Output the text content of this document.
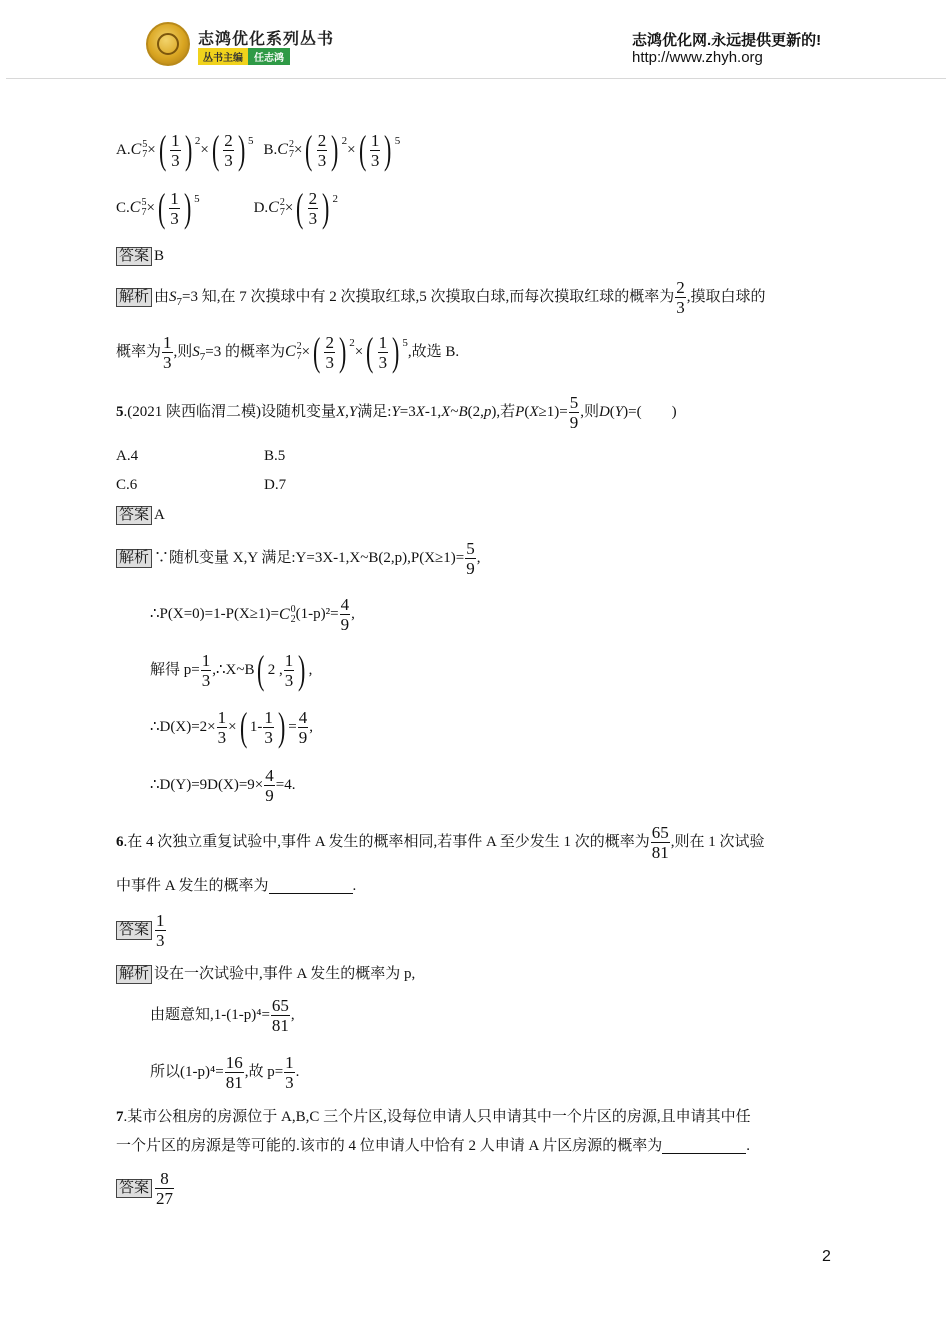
志鸿优化系列丛书
丛书主编 任志鸿
志鸿优化网.永远提供更新的!
http://www.zhyh.org
A. C 5
7 × ( $\frac{1}{3}$ ) 2
× ( $\frac{2}{3}$ ) 5
B. C 2
7 × ( $\frac{2}{3}$ ) 2
× ( $\frac{1}{3}$ ) 5
C. C 5
7 × ( $\frac{1}{3}$ ) 5
D. C 2
7 × ( $\frac{2}{3}$ ) 2
答案 B
解析 由 S 7 =3 知,在 7 次摸球中有 2 次摸取红球,5 次摸取白球,而每次摸取红球的概率为 $\frac{2}{3}$ ,摸取白球的
概率为 $\frac{1}{3}$ ,则 S 7 =3 的概率为 C 2
7 × ( $\frac{2}{3}$ ) 2
× ( $\frac{1}{3}$ ) 5
,故选 B.
5 .(2021 陕西临渭二模)设随机变量 X , Y 满足: Y =3 X -1, X ~ B (2, p ) ,若 P ( $X \ge 1)= \frac{5}{9}$ ,则 D ( Y ) =(　　)
A.4	B.5
C.6	D.7
答案 A
解析 ∵随机变量 X,Y 满足:Y=3X-1,X~B(2,p),P(X≥1)= $\frac{5}{9}$ ,
∴P(X=0)=1-P(X≥1)= C 0
2 $(1-p)^2= \frac{4}{9}$ ,
解得 $p= \frac{1}{3}$ ,∴X~B ( 2 , $\frac{1}{3}$ ) ,
∴D(X)=2× $\frac{1}{3}$ × ( $1- \frac{1}{3}$ ) = $\frac{4}{9}$ ,
∴D(Y)=9D(X)=9× $\frac{4}{9} =4$.
6 .在 4 次独立重复试验中,事件 A 发生的概率相同,若事件 A 至少发生 1 次的概率为 $\frac{65}{81}$ ,则在 1 次试验
中事件 A 发生的概率为	.
答案 $\frac{1}{3}$
解析 设在一次试验中,事件 A 发生的概率为 p,
由题意知$,1-(1-p)^4= \frac{65}{81}$ ,
所以$(1-p)^4= \frac{16}{81}$ ,故 $p= \frac{1}{3}$ .
7 .某市公租房的房源位于 A,B,C 三个片区,设每位申请人只申请其中一个片区的房源,且申请其中任
一个片区的房源是等可能的.该市的 4 位申请人中恰有 2 人申请 A 片区房源的概率为	.
答案 $\frac{8}{27}$
2
